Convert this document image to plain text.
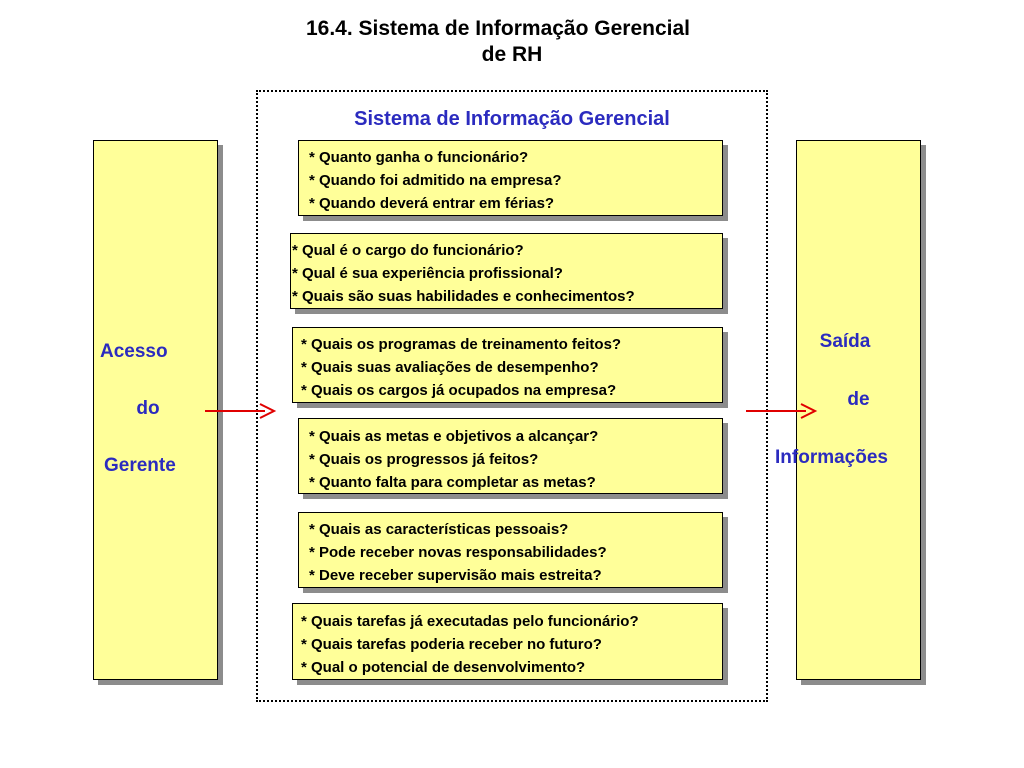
16.4. Sistema de Informação Gerencial
de RH
Sistema de Informação Gerencial
Acesso
do
Gerente
Saída
de
Informações
* Quanto ganha o funcionário?
* Quando foi admitido na empresa?
* Quando deverá entrar em férias?
* Qual é o cargo do funcionário?
* Qual é sua experiência profissional?
* Quais são suas habilidades e conhecimentos?
* Quais os programas de treinamento feitos?
* Quais suas avaliações de desempenho?
* Quais os cargos já ocupados na empresa?
* Quais as metas e objetivos a alcançar?
* Quais os progressos já feitos?
* Quanto falta para completar as metas?
* Quais as características pessoais?
* Pode receber novas responsabilidades?
* Deve receber supervisão mais estreita?
* Quais tarefas já executadas pelo funcionário?
* Quais tarefas poderia receber no futuro?
* Qual o potencial de desenvolvimento?
